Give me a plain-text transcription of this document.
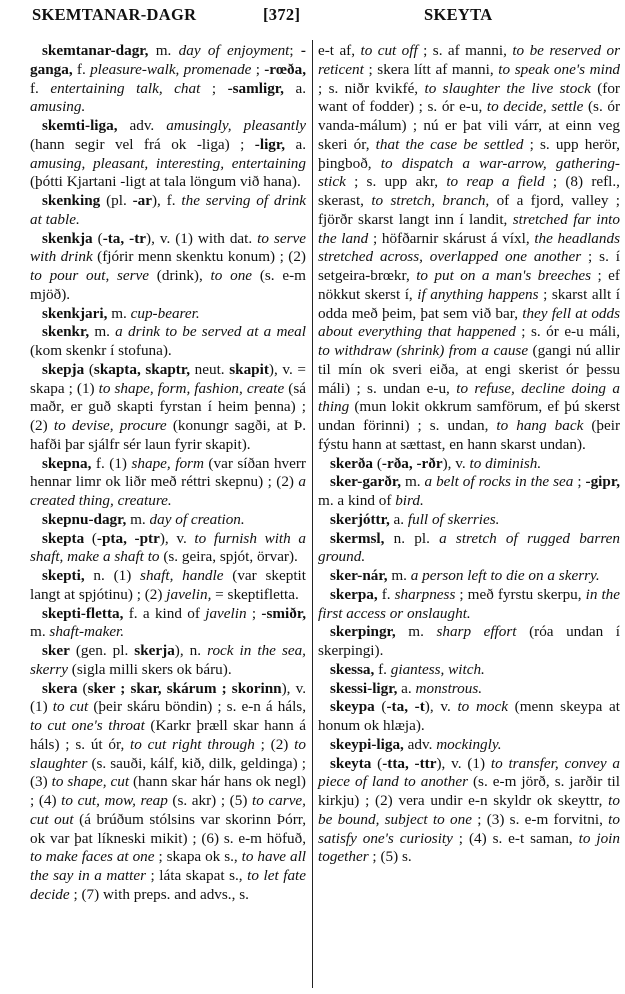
SKEMTANAR-DAGR	[372]	SKEYTA

skemtanar-dagr, m. day of enjoyment; -ganga, f. pleasure-walk, promenade ; -rœða, f. entertaining talk, chat ; -samligr, a. amusing.

skemti-liga, adv. amusingly, pleasantly (hann segir vel frá ok -liga) ; -ligr, a. amusing, pleasant, interesting, entertaining (þótti Kjartani -ligt at tala löngum við hana).

skenking (pl. -ar), f. the serving of drink at table.

skenkja (-ta, -tr), v. (1) with dat. to serve with drink (fjórir menn skenktu konum) ; (2) to pour out, serve (drink), to one (s. e-m mjöð).

skenkjari, m. cup-bearer.

skenkr, m. a drink to be served at a meal (kom skenkr í stofuna).

skepja (skapta, skaptr, neut. skapit), v. = skapa ; (1) to shape, form, fashion, create (sá maðr, er guð skapti fyrstan í heim þenna) ; (2) to devise, procure (konungr sagði, at Þ. hafði þar sjálfr sér laun fyrir skapit).

skepna, f. (1) shape, form (var síðan hverr hennar limr ok liðr með réttri skepnu) ; (2) a created thing, creature.

skepnu-dagr, m. day of creation.

skepta (-pta, -ptr), v. to furnish with a shaft, make a shaft to (s. geira, spjót, örvar).

skepti, n. (1) shaft, handle (var skeptit langt at spjótinu) ; (2) javelin, = skeptifletta.

skepti-fletta, f. a kind of javelin ; -smiðr, m. shaft-maker.

sker (gen. pl. skerja), n. rock in the sea, skerry (sigla milli skers ok báru).

skera (sker ; skar, skárum ; skorinn), v. (1) to cut (þeir skáru böndin) ; s. e-n á háls, to cut one's throat (Karkr þræll skar hann á háls) ; s. út ór, to cut right through ; (2) to slaughter (s. sauði, kálf, kið, dilk, geldinga) ; (3) to shape, cut (hann skar hár hans ok negl) ; (4) to cut, mow, reap (s. akr) ; (5) to carve, cut out (á brúðum stólsins var skorinn Þórr, ok var þat líkneski mikit) ; (6) s. e-m höfuð, to make faces at one ; skapa ok s., to have all the say in a matter ; láta skapat s., to let fate decide ; (7) with preps. and advs., s.

e-t af, to cut off ; s. af manni, to be reserved or reticent ; skera lítt af manni, to speak one's mind ; s. niðr kvikfé, to slaughter the live stock (for want of fodder) ; s. ór e-u, to decide, settle (s. ór vanda-málum) ; nú er þat vili várr, at einn veg skeri ór, that the case be settled ; s. upp herör, þingboð, to dispatch a war-arrow, gathering-stick ; s. upp akr, to reap a field ; (8) refl., skerast, to stretch, branch, of a fjord, valley ; fjörðr skarst langt inn í landit, stretched far into the land ; höfðarnir skárust á víxl, the headlands stretched across, overlapped one another ; s. í setgeira-brœkr, to put on a man's breeches ; ef nökkut skerst í, if anything happens ; skarst allt í odda með þeim, þat sem við bar, they fell at odds about everything that happened ; s. ór e-u máli, to withdraw (shrink) from a cause (gangi nú allir til mín ok sveri eiða, at engi skerist ór þessu máli) ; s. undan e-u, to refuse, decline doing a thing (mun lokit okkrum samförum, ef þú skerst undan förinni) ; s. undan, to hang back (þeir fýstu hann at sættast, en hann skarst undan).

skerða (-rða, -rðr), v. to diminish.

sker-garðr, m. a belt of rocks in the sea ; -gipr, m. a kind of bird.

skerjóttr, a. full of skerries.

skermsl, n. pl. a stretch of rugged barren ground.

sker-nár, m. a person left to die on a skerry.

skerpa, f. sharpness ; með fyrstu skerpu, in the first access or onslaught.

skerpingr, m. sharp effort (róa undan í skerpingi).

skessa, f. giantess, witch.

skessi-ligr, a. monstrous.

skeypa (-ta, -t), v. to mock (menn skeypa at honum ok hlæja).

skeypi-liga, adv. mockingly.

skeyta (-tta, -ttr), v. (1) to transfer, convey a piece of land to another (s. e-m jörð, s. jarðir til kirkju) ; (2) vera undir e-n skyldr ok skeyttr, to be bound, subject to one ; (3) s. e-m forvitni, to satisfy one's curiosity ; (4) s. e-t saman, to join together ; (5) s.
